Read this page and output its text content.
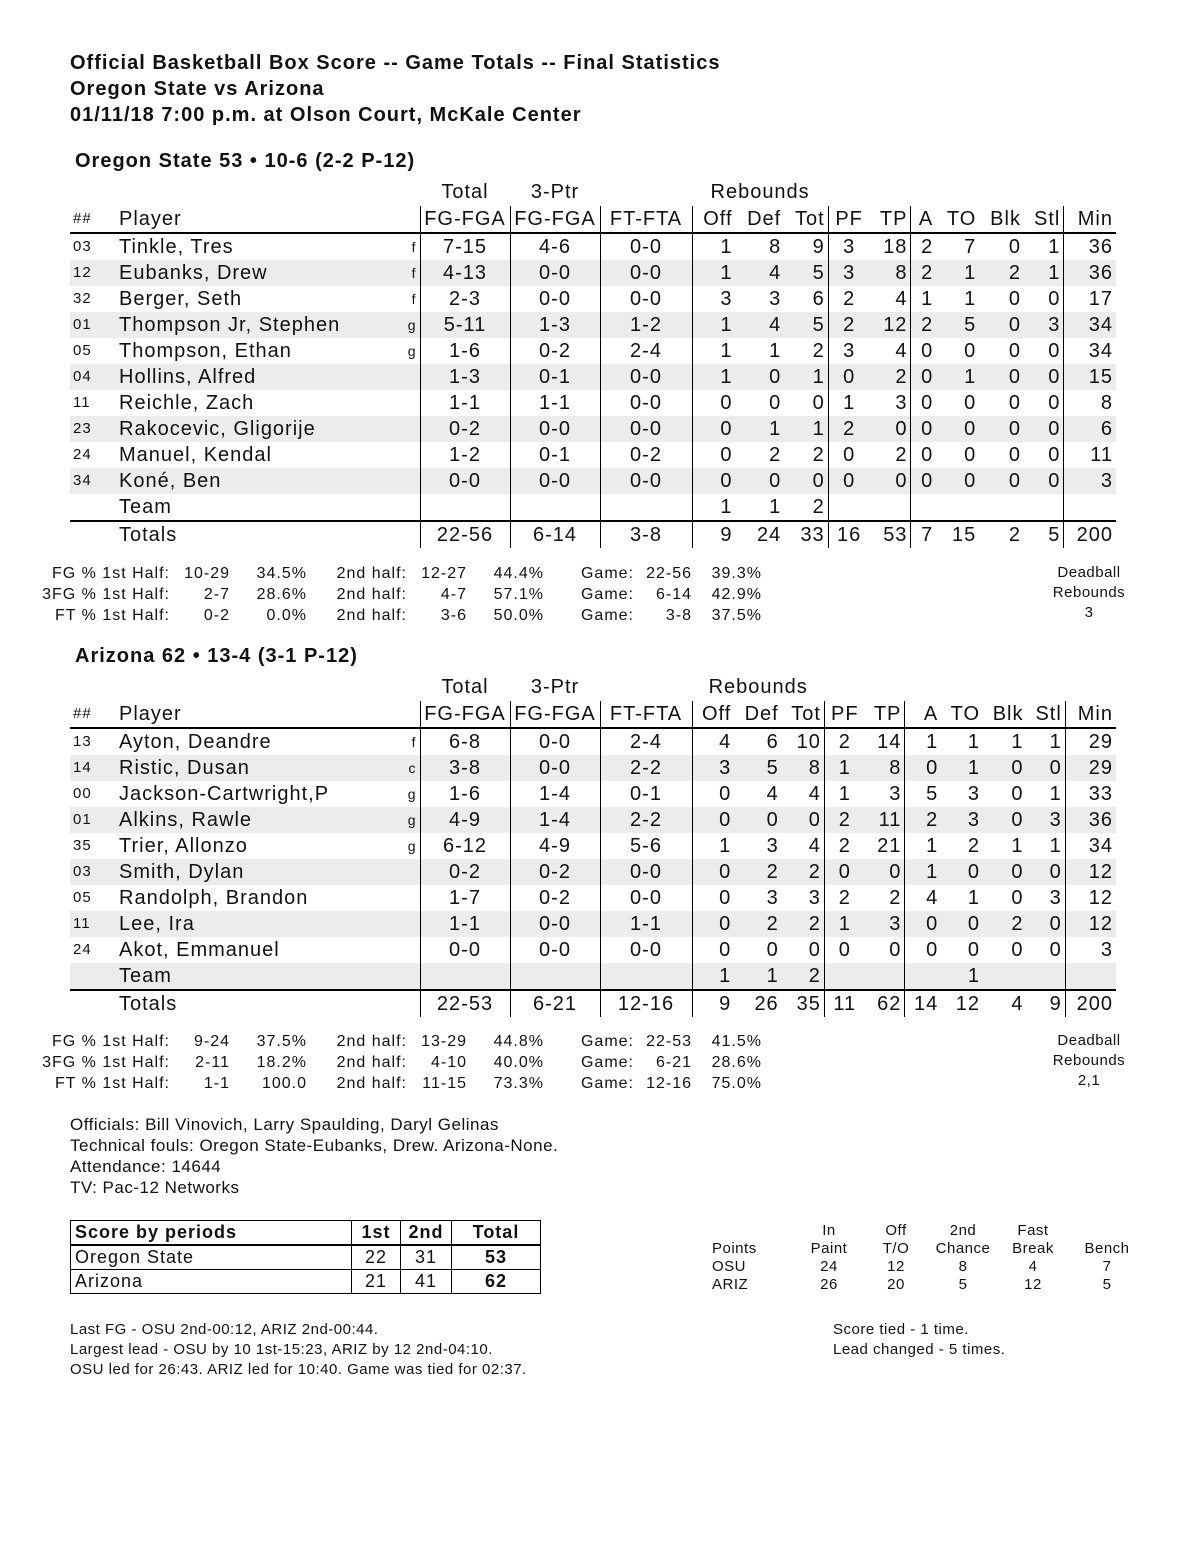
Official Basketball Box Score -- Game Totals -- Final Statistics
Oregon State vs Arizona
01/11/18 7:00 p.m. at Olson Court, McKale Center
Oregon State 53 • 10-6 (2-2 P-12)
			Total	3-Ptr		Rebounds									
##	Player		FG-FGA	FG-FGA	FT-FTA	Off	Def	Tot	PF	TP	A	TO	Blk	Stl	Min
03	Tinkle, Tres	f	7-15	4-6	0-0	1	8	9	3	18	2	7	0	1	36
12	Eubanks, Drew	f	4-13	0-0	0-0	1	4	5	3	8	2	1	2	1	36
32	Berger, Seth	f	2-3	0-0	0-0	3	3	6	2	4	1	1	0	0	17
01	Thompson Jr, Stephen	g	5-11	1-3	1-2	1	4	5	2	12	2	5	0	3	34
05	Thompson, Ethan	g	1-6	0-2	2-4	1	1	2	3	4	0	0	0	0	34
04	Hollins, Alfred		1-3	0-1	0-0	1	0	1	0	2	0	1	0	0	15
11	Reichle, Zach		1-1	1-1	0-0	0	0	0	1	3	0	0	0	0	8
23	Rakocevic, Gligorije		0-2	0-0	0-0	0	1	1	2	0	0	0	0	0	6
24	Manuel, Kendal		1-2	0-1	0-2	0	2	2	0	2	0	0	0	0	11
34	Koné, Ben		0-0	0-0	0-0	0	0	0	0	0	0	0	0	0	3
	Team					1	1	2							
	Totals		22-56	6-14	3-8	9	24	33	16	53	7	15	2	5	200
FG % 1st Half: 10-29 34.5% 2nd half: 12-27 44.4% Game: 22-56 39.3%
3FG % 1st Half: 2-7 28.6% 2nd half: 4-7 57.1% Game: 6-14 42.9%
FT % 1st Half: 0-2 0.0% 2nd half: 3-6 50.0% Game: 3-8 37.5%
Deadball
Rebounds
3
Arizona 62 • 13-4 (3-1 P-12)
			Total	3-Ptr		Rebounds									
##	Player		FG-FGA	FG-FGA	FT-FTA	Off	Def	Tot	PF	TP	A	TO	Blk	Stl	Min
13	Ayton, Deandre	f	6-8	0-0	2-4	4	6	10	2	14	1	1	1	1	29
14	Ristic, Dusan	c	3-8	0-0	2-2	3	5	8	1	8	0	1	0	0	29
00	Jackson-Cartwright,P	g	1-6	1-4	0-1	0	4	4	1	3	5	3	0	1	33
01	Alkins, Rawle	g	4-9	1-4	2-2	0	0	0	2	11	2	3	0	3	36
35	Trier, Allonzo	g	6-12	4-9	5-6	1	3	4	2	21	1	2	1	1	34
03	Smith, Dylan		0-2	0-2	0-0	0	2	2	0	0	1	0	0	0	12
05	Randolph, Brandon		1-7	0-2	0-0	0	3	3	2	2	4	1	0	3	12
11	Lee, Ira		1-1	0-0	1-1	0	2	2	1	3	0	0	2	0	12
24	Akot, Emmanuel		0-0	0-0	0-0	0	0	0	0	0	0	0	0	0	3
	Team					1	1	2				1			
	Totals		22-53	6-21	12-16	9	26	35	11	62	14	12	4	9	200
FG % 1st Half: 9-24 37.5% 2nd half: 13-29 44.8% Game: 22-53 41.5%
3FG % 1st Half: 2-11 18.2% 2nd half: 4-10 40.0% Game: 6-21 28.6%
FT % 1st Half: 1-1 100.0 2nd half: 11-15 73.3% Game: 12-16 75.0%
Deadball
Rebounds
2,1
Officials: Bill Vinovich, Larry Spaulding, Daryl Gelinas
Technical fouls: Oregon State-Eubanks, Drew. Arizona-None.
Attendance: 14644
TV: Pac-12 Networks
Score by periods	1st	2nd	Total
Oregon State	22	31	53
Arizona	21	41	62
	In	Off	2nd	Fast	
Points	Paint	T/O	Chance	Break	Bench
OSU	24	12	8	4	7
ARIZ	26	20	5	12	5
Last FG - OSU 2nd-00:12, ARIZ 2nd-00:44.
Largest lead - OSU by 10 1st-15:23, ARIZ by 12 2nd-04:10.
OSU led for 26:43. ARIZ led for 10:40. Game was tied for 02:37.
Score tied - 1 time.
Lead changed - 5 times.
